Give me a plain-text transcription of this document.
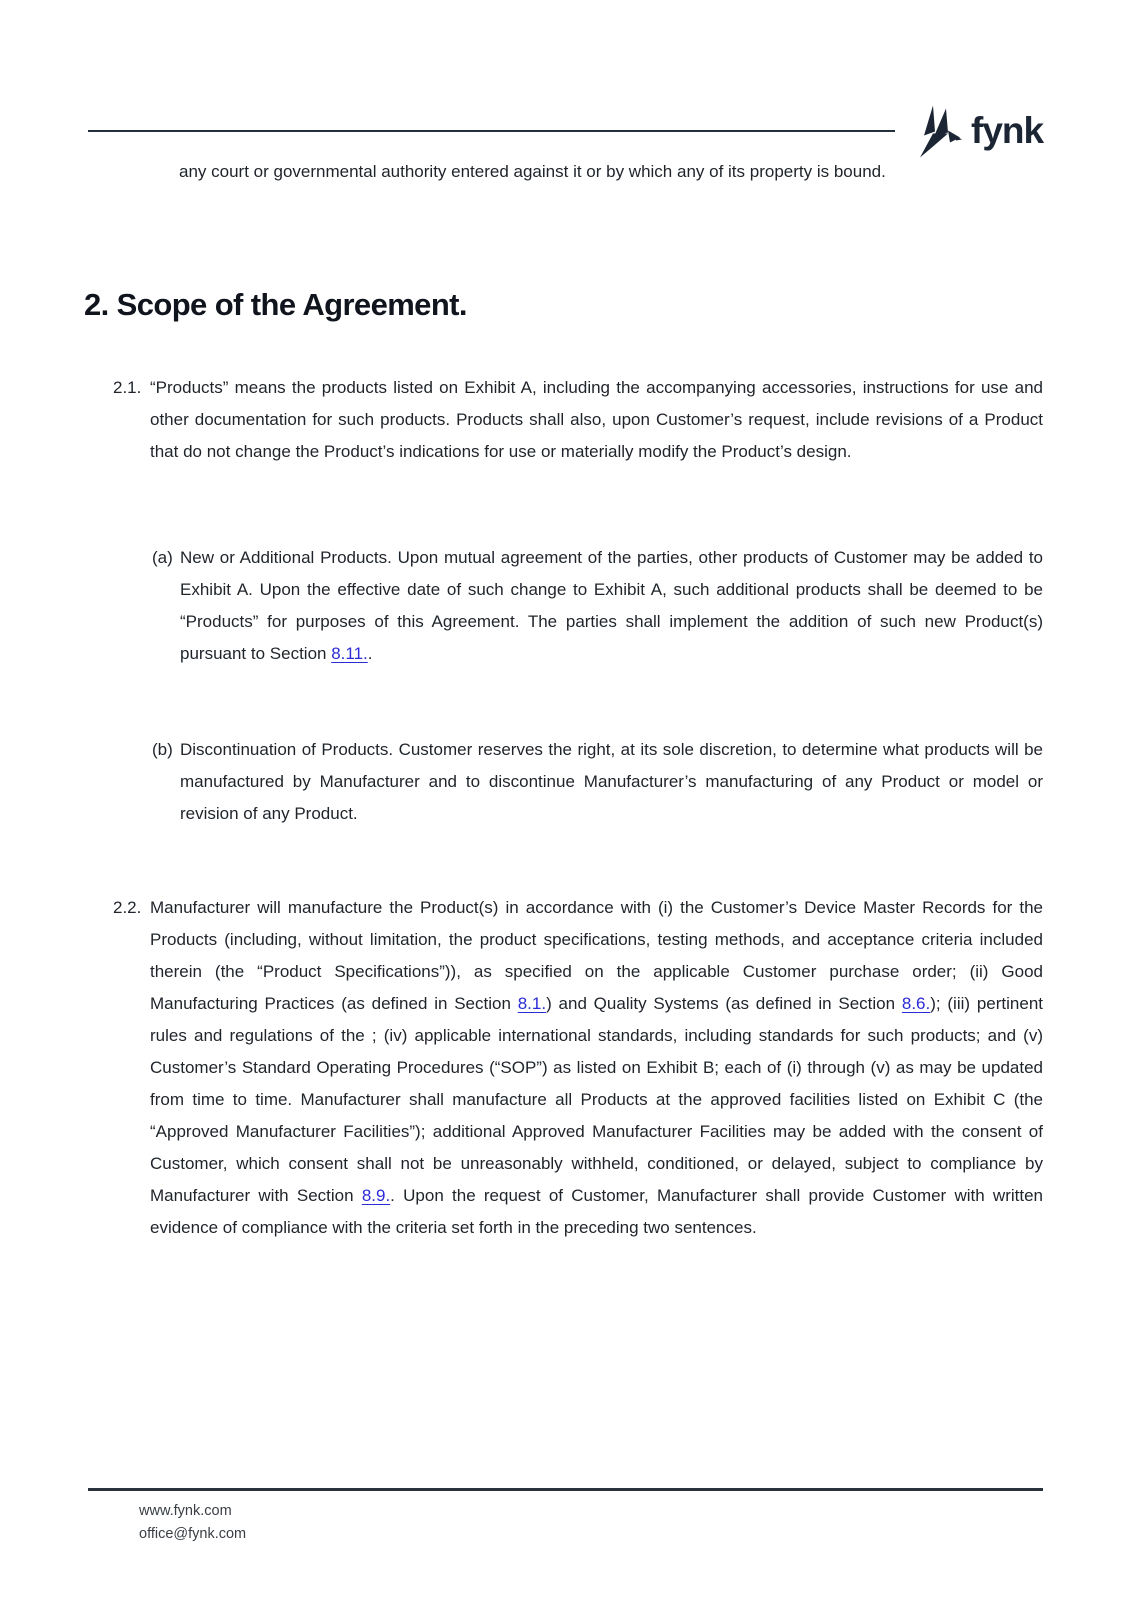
fynk

any court or governmental authority entered against it or by which any of its property is bound.

2. Scope of the Agreement.
2.1. “Products” means the products listed on Exhibit A, including the accompanying accessories, instructions for use and other documentation for such products. Products shall also, upon Customer’s request, include revisions of a Product that do not change the Product’s indications for use or materially modify the Product’s design.

(a) New or Additional Products. Upon mutual agreement of the parties, other products of Customer may be added to Exhibit A. Upon the effective date of such change to Exhibit A, such additional products shall be deemed to be “Products” for purposes of this Agreement. The parties shall implement the addition of such new Product(s) pursuant to Section 8.11..

(b) Discontinuation of Products. Customer reserves the right, at its sole discretion, to determine what products will be manufactured by Manufacturer and to discontinue Manufacturer’s manufacturing of any Product or model or revision of any Product.

2.2. Manufacturer will manufacture the Product(s) in accordance with (i) the Customer’s Device Master Records for the Products (including, without limitation, the product specifications, testing methods, and acceptance criteria included therein (the “Product Specifications”)), as specified on the applicable Customer purchase order; (ii) Good Manufacturing Practices (as defined in Section 8.1.) and Quality Systems (as defined in Section 8.6.); (iii) pertinent rules and regulations of the ; (iv) applicable international standards, including standards for such products; and (v) Customer’s Standard Operating Procedures (“SOP”) as listed on Exhibit B; each of (i) through (v) as may be updated from time to time. Manufacturer shall manufacture all Products at the approved facilities listed on Exhibit C (the “Approved Manufacturer Facilities”); additional Approved Manufacturer Facilities may be added with the consent of Customer, which consent shall not be unreasonably withheld, conditioned, or delayed, subject to compliance by Manufacturer with Section 8.9.. Upon the request of Customer, Manufacturer shall provide Customer with written evidence of compliance with the criteria set forth in the preceding two sentences.

www.fynk.com
office@fynk.com
